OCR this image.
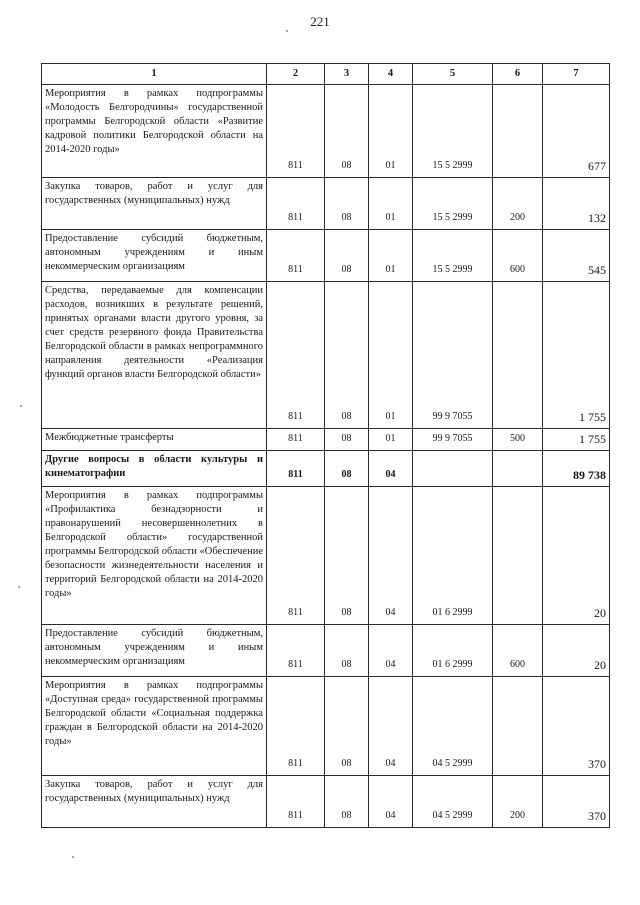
221
1	2	3	4	5	6	7
Мероприятия в рамках подпрограммы «Молодость Белгородчины» государственной программы Белгородской области «Развитие кадровой политики Белгородской области на 2014-2020 годы»	811	08	01	15 5 2999		677
Закупка товаров, работ и услуг для государственных (муниципальных) нужд	811	08	01	15 5 2999	200	132
Предоставление субсидий бюджетным, автономным учреждениям и иным некоммерческим организациям	811	08	01	15 5 2999	600	545
Средства, передаваемые для компенсации расходов, возникших в результате решений, принятых органами власти другого уровня, за счет средств резервного фонда Правительства Белгородской области в рамках непрограммного направления деятельности «Реализация функций органов власти Белгородской области»	811	08	01	99 9 7055		1 755
Межбюджетные трансферты	811	08	01	99 9 7055	500	1 755
Другие вопросы в области культуры и кинематографии	811	08	04			89 738
Мероприятия в рамках подпрограммы «Профилактика безнадзорности и правонарушений несовершеннолетних в Белгородской области» государственной программы Белгородской области «Обеспечение безопасности жизнедеятельности населения и территорий Белгородской области на 2014-2020 годы»	811	08	04	01 6 2999		20
Предоставление субсидий бюджетным, автономным учреждениям и иным некоммерческим организациям	811	08	04	01 6 2999	600	20
Мероприятия в рамках подпрограммы «Доступная среда» государственной программы Белгородской области «Социальная поддержка граждан в Белгородской области на 2014-2020 годы»	811	08	04	04 5 2999		370
Закупка товаров, работ и услуг для государственных (муниципальных) нужд	811	08	04	04 5 2999	200	370
